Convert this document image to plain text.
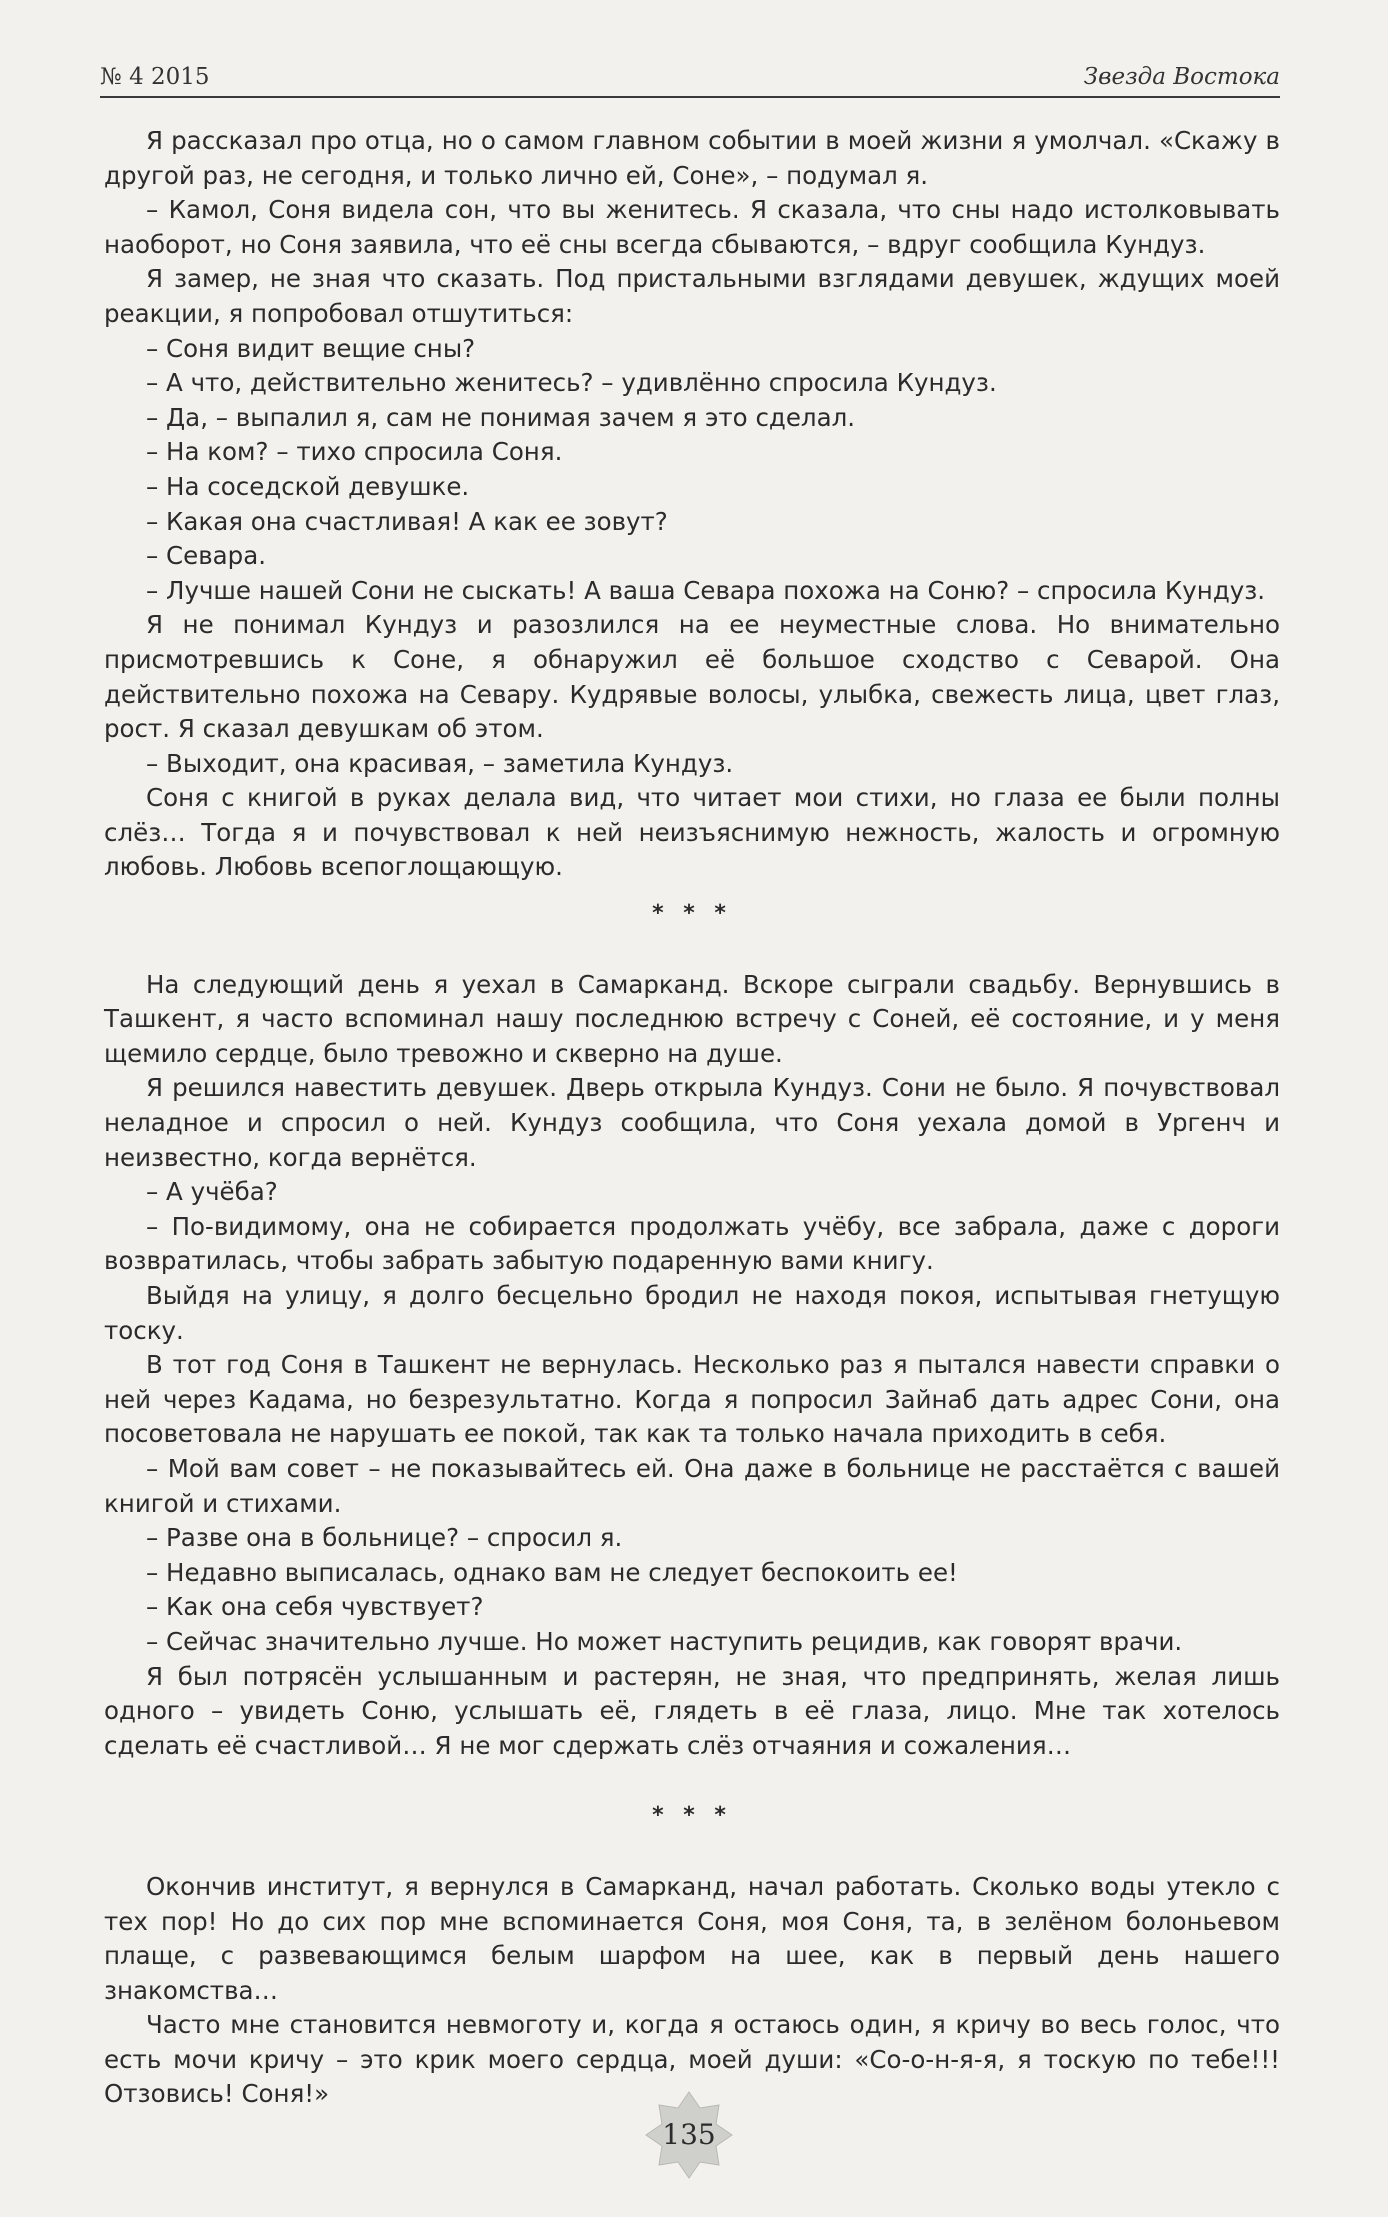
№ 4 2015	Звезда Востока

Я рассказал про отца, но о самом главном событии в моей жизни я умолчал. «Скажу в другой раз, не сегодня, и только лично ей, Соне», – подумал я.

– Камол, Соня видела сон, что вы женитесь. Я сказала, что сны надо истолковывать наоборот, но Соня заявила, что её сны всегда сбываются, – вдруг сообщила Кундуз.

Я замер, не зная что сказать. Под пристальными взглядами девушек, ждущих моей реакции, я попробовал отшутиться:

– Соня видит вещие сны?

– А что, действительно женитесь? – удивлённо спросила Кундуз.

– Да, – выпалил я, сам не понимая зачем я это сделал.

– На ком? – тихо спросила Соня.

– На соседской девушке.

– Какая она счастливая! А как ее зовут?

– Севара.

– Лучше нашей Сони не сыскать! А ваша Севара похожа на Соню? – спросила Кундуз.

Я не понимал Кундуз и разозлился на ее неуместные слова. Но внимательно присмотревшись к Соне, я обнаружил её большое сходство с Севарой. Она действительно похожа на Севару. Кудрявые волосы, улыбка, свежесть лица, цвет глаз, рост. Я сказал девушкам об этом.

– Выходит, она красивая, – заметила Кундуз.

Соня с книгой в руках делала вид, что читает мои стихи, но глаза ее были полны слёз… Тогда я и почувствовал к ней неизъяснимую нежность, жалость и огромную любовь. Любовь всепоглощающую.

* * *

На следующий день я уехал в Самарканд. Вскоре сыграли свадьбу. Вернувшись в Ташкент, я часто вспоминал нашу последнюю встречу с Соней, её состояние, и у меня щемило сердце, было тревожно и скверно на душе.

Я решился навестить девушек. Дверь открыла Кундуз. Сони не было. Я почувствовал неладное и спросил о ней. Кундуз сообщила, что Соня уехала домой в Ургенч и неизвестно, когда вернётся.

– А учёба?

– По-видимому, она не собирается продолжать учёбу, все забрала, даже с дороги возвратилась, чтобы забрать забытую подаренную вами книгу.

Выйдя на улицу, я долго бесцельно бродил не находя покоя, испытывая гнетущую тоску.

В тот год Соня в Ташкент не вернулась. Несколько раз я пытался навести справки о ней через Кадама, но безрезультатно. Когда я попросил Зайнаб дать адрес Сони, она посоветовала не нарушать ее покой, так как та только начала приходить в себя.

– Мой вам совет – не показывайтесь ей. Она даже в больнице не расстаётся с вашей книгой и стихами.

– Разве она в больнице? – спросил я.

– Недавно выписалась, однако вам не следует беспокоить ее!

– Как она себя чувствует?

– Сейчас значительно лучше. Но может наступить рецидив, как говорят врачи.

Я был потрясён услышанным и растерян, не зная, что предпринять, желая лишь одного – увидеть Соню, услышать её, глядеть в её глаза, лицо. Мне так хотелось сделать её счастливой… Я не мог сдержать слёз отчаяния и сожаления…

* * *

Окончив институт, я вернулся в Самарканд, начал работать. Сколько воды утекло с тех пор! Но до сих пор мне вспоминается Соня, моя Соня, та, в зелёном болоньевом плаще, с развевающимся белым шарфом на шее, как в первый день нашего знакомства…

Часто мне становится невмоготу и, когда я остаюсь один, я кричу во весь голос, что есть мочи кричу – это крик моего сердца, моей души: «Со-о-н-я-я, я тоскую по тебе!!! Отзовись! Соня!»

135
